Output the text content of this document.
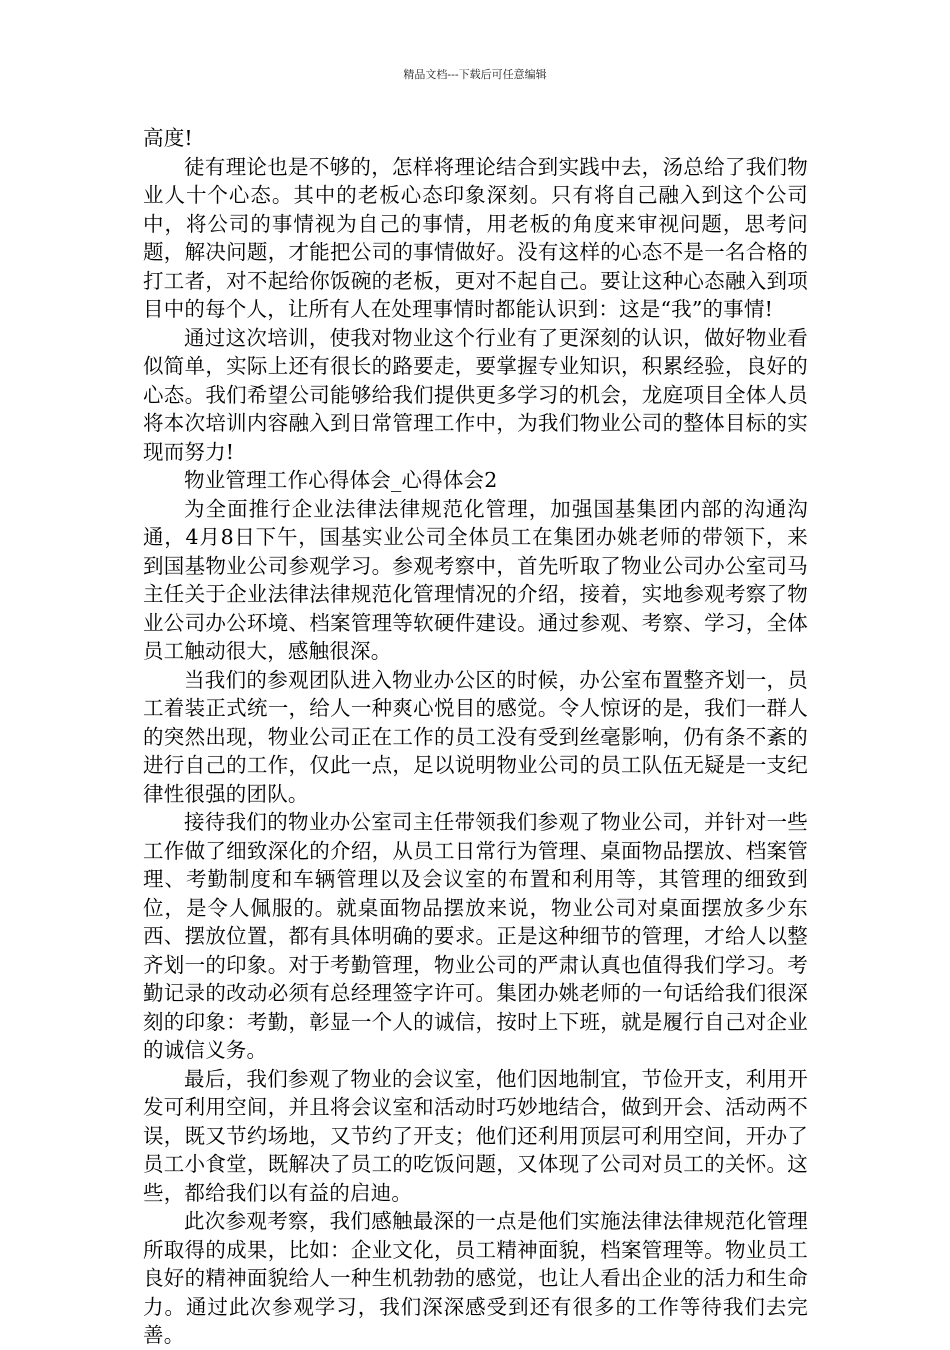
精品文档---下载后可任意编辑

高度!

徒有理论也是不够的，怎样将理论结合到实践中去，汤总给了我们物业人十个心态。其中的老板心态印象深刻。只有将自己融入到这个公司中，将公司的事情视为自己的事情，用老板的角度来审视问题，思考问题，解决问题，才能把公司的事情做好。没有这样的心态不是一名合格的打工者，对不起给你饭碗的老板，更对不起自己。要让这种心态融入到项目中的每个人，让所有人在处理事情时都能认识到：这是“我”的事情!

通过这次培训，使我对物业这个行业有了更深刻的认识，做好物业看似简单，实际上还有很长的路要走，要掌握专业知识，积累经验，良好的心态。我们希望公司能够给我们提供更多学习的机会，龙庭项目全体人员将本次培训内容融入到日常管理工作中，为我们物业公司的整体目标的实现而努力!

物业管理工作心得体会_心得体会2

为全面推行企业法律法律规范化管理，加强国基集团内部的沟通沟通，4月8日下午，国基实业公司全体员工在集团办姚老师的带领下，来到国基物业公司参观学习。参观考察中，首先听取了物业公司办公室司马主任关于企业法律法律规范化管理情况的介绍，接着，实地参观考察了物业公司办公环境、档案管理等软硬件建设。通过参观、考察、学习，全体员工触动很大，感触很深。

当我们的参观团队进入物业办公区的时候，办公室布置整齐划一，员工着装正式统一，给人一种爽心悦目的感觉。令人惊讶的是，我们一群人的突然出现，物业公司正在工作的员工没有受到丝毫影响，仍有条不紊的进行自己的工作，仅此一点，足以说明物业公司的员工队伍无疑是一支纪律性很强的团队。

接待我们的物业办公室司主任带领我们参观了物业公司，并针对一些工作做了细致深化的介绍，从员工日常行为管理、桌面物品摆放、档案管理、考勤制度和车辆管理以及会议室的布置和利用等，其管理的细致到位，是令人佩服的。就桌面物品摆放来说，物业公司对桌面摆放多少东西、摆放位置，都有具体明确的要求。正是这种细节的管理，才给人以整齐划一的印象。对于考勤管理，物业公司的严肃认真也值得我们学习。考勤记录的改动必须有总经理签字许可。集团办姚老师的一句话给我们很深刻的印象：考勤，彰显一个人的诚信，按时上下班，就是履行自己对企业的诚信义务。

最后，我们参观了物业的会议室，他们因地制宜，节俭开支，利用开发可利用空间，并且将会议室和活动时巧妙地结合，做到开会、活动两不误，既又节约场地，又节约了开支；他们还利用顶层可利用空间，开办了员工小食堂，既解决了员工的吃饭问题，又体现了公司对员工的关怀。这些，都给我们以有益的启迪。

此次参观考察，我们感触最深的一点是他们实施法律法律规范化管理所取得的成果，比如：企业文化，员工精神面貌，档案管理等。物业员工良好的精神面貌给人一种生机勃勃的感觉，也让人看出企业的活力和生命力。通过此次参观学习，我们深深感受到还有很多的工作等待我们去完善。
